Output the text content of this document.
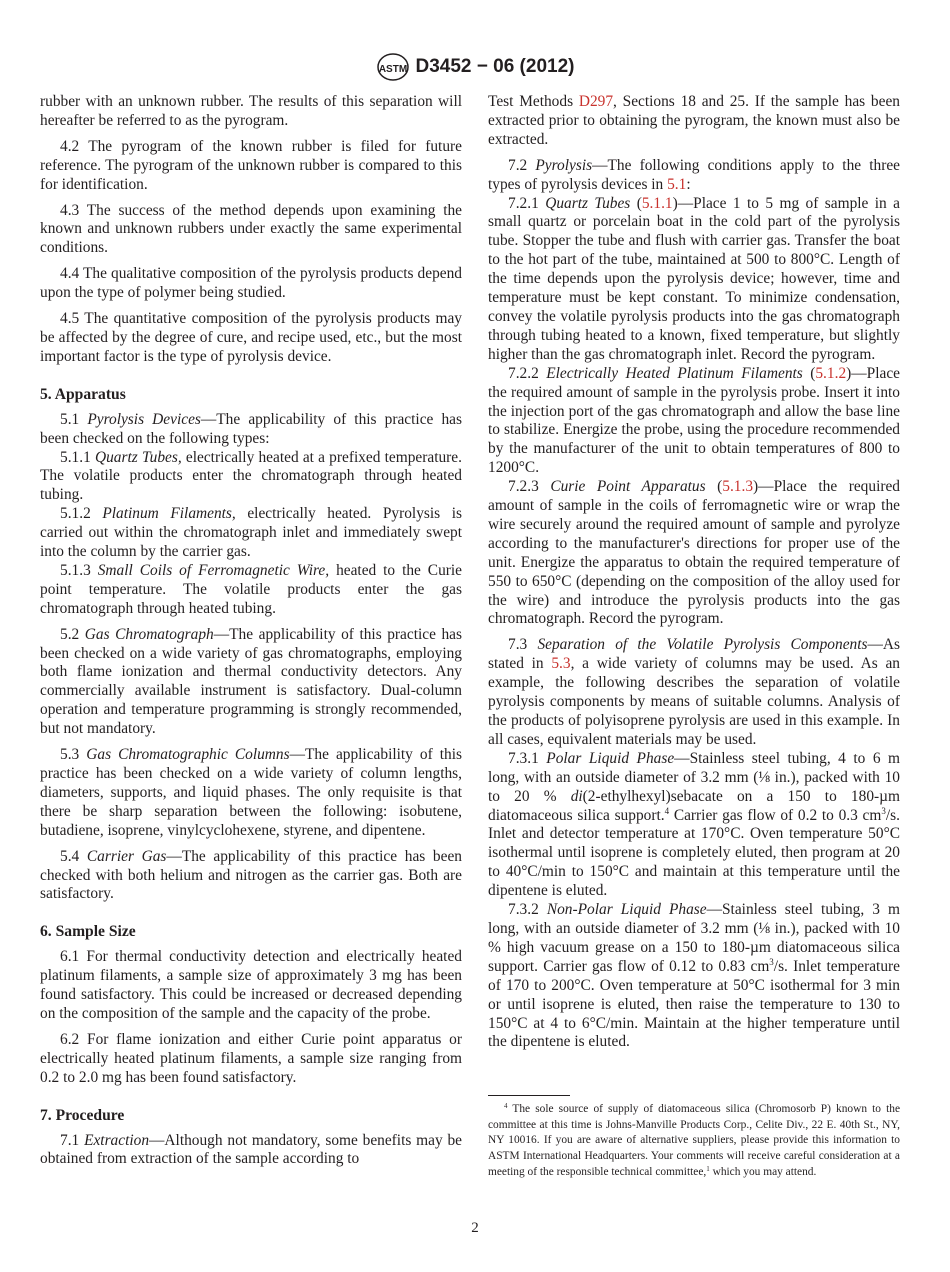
ASTM D3452 − 06 (2012)
rubber with an unknown rubber. The results of this separation will hereafter be referred to as the pyrogram.
4.2 The pyrogram of the known rubber is filed for future reference. The pyrogram of the unknown rubber is compared to this for identification.
4.3 The success of the method depends upon examining the known and unknown rubbers under exactly the same experimental conditions.
4.4 The qualitative composition of the pyrolysis products depend upon the type of polymer being studied.
4.5 The quantitative composition of the pyrolysis products may be affected by the degree of cure, and recipe used, etc., but the most important factor is the type of pyrolysis device.
5. Apparatus
5.1 Pyrolysis Devices—The applicability of this practice has been checked on the following types:
5.1.1 Quartz Tubes, electrically heated at a prefixed temperature. The volatile products enter the chromatograph through heated tubing.
5.1.2 Platinum Filaments, electrically heated. Pyrolysis is carried out within the chromatograph inlet and immediately swept into the column by the carrier gas.
5.1.3 Small Coils of Ferromagnetic Wire, heated to the Curie point temperature. The volatile products enter the gas chromatograph through heated tubing.
5.2 Gas Chromatograph—The applicability of this practice has been checked on a wide variety of gas chromatographs, employing both flame ionization and thermal conductivity detectors. Any commercially available instrument is satisfactory. Dual-column operation and temperature programming is strongly recommended, but not mandatory.
5.3 Gas Chromatographic Columns—The applicability of this practice has been checked on a wide variety of column lengths, diameters, supports, and liquid phases. The only requisite is that there be sharp separation between the following: isobutene, butadiene, isoprene, vinylcyclohexene, styrene, and dipentene.
5.4 Carrier Gas—The applicability of this practice has been checked with both helium and nitrogen as the carrier gas. Both are satisfactory.
6. Sample Size
6.1 For thermal conductivity detection and electrically heated platinum filaments, a sample size of approximately 3 mg has been found satisfactory. This could be increased or decreased depending on the composition of the sample and the capacity of the probe.
6.2 For flame ionization and either Curie point apparatus or electrically heated platinum filaments, a sample size ranging from 0.2 to 2.0 mg has been found satisfactory.
7. Procedure
7.1 Extraction—Although not mandatory, some benefits may be obtained from extraction of the sample according to
Test Methods D297, Sections 18 and 25. If the sample has been extracted prior to obtaining the pyrogram, the known must also be extracted.
7.2 Pyrolysis—The following conditions apply to the three types of pyrolysis devices in 5.1:
7.2.1 Quartz Tubes (5.1.1)—Place 1 to 5 mg of sample in a small quartz or porcelain boat in the cold part of the pyrolysis tube. Stopper the tube and flush with carrier gas. Transfer the boat to the hot part of the tube, maintained at 500 to 800°C. Length of the time depends upon the pyrolysis device; however, time and temperature must be kept constant. To minimize condensation, convey the volatile pyrolysis products into the gas chromatograph through tubing heated to a known, fixed temperature, but slightly higher than the gas chromatograph inlet. Record the pyrogram.
7.2.2 Electrically Heated Platinum Filaments (5.1.2)—Place the required amount of sample in the pyrolysis probe. Insert it into the injection port of the gas chromatograph and allow the base line to stabilize. Energize the probe, using the procedure recommended by the manufacturer of the unit to obtain temperatures of 800 to 1200°C.
7.2.3 Curie Point Apparatus (5.1.3)—Place the required amount of sample in the coils of ferromagnetic wire or wrap the wire securely around the required amount of sample and pyrolyze according to the manufacturer's directions for proper use of the unit. Energize the apparatus to obtain the required temperature of 550 to 650°C (depending on the composition of the alloy used for the wire) and introduce the pyrolysis products into the gas chromatograph. Record the pyrogram.
7.3 Separation of the Volatile Pyrolysis Components—As stated in 5.3, a wide variety of columns may be used. As an example, the following describes the separation of volatile pyrolysis components by means of suitable columns. Analysis of the products of polyisoprene pyrolysis are used in this example. In all cases, equivalent materials may be used.
7.3.1 Polar Liquid Phase—Stainless steel tubing, 4 to 6 m long, with an outside diameter of 3.2 mm (⅛ in.), packed with 10 to 20 % di(2-ethylhexyl)sebacate on a 150 to 180-µm diatomaceous silica support.$^4$ Carrier gas flow of 0.2 to 0.3 $cm^3/s$. Inlet and detector temperature at 170°C. Oven temperature 50°C isothermal until isoprene is completely eluted, then program at 20 to 40°C/min to 150°C and maintain at this temperature until the dipentene is eluted.
7.3.2 Non-Polar Liquid Phase—Stainless steel tubing, 3 m long, with an outside diameter of 3.2 mm (⅛ in.), packed with 10 % high vacuum grease on a 150 to 180-µm diatomaceous silica support. Carrier gas flow of 0.12 to 0.83 $cm^3/s$. Inlet temperature of 170 to 200°C. Oven temperature at 50°C isothermal for 3 min or until isoprene is eluted, then raise the temperature to 130 to 150°C at 4 to 6°C/min. Maintain at the higher temperature until the dipentene is eluted.
$^4$ The sole source of supply of diatomaceous silica (Chromosorb P) known to the committee at this time is Johns-Manville Products Corp., Celite Div., 22 E. 40th St., NY, NY 10016. If you are aware of alternative suppliers, please provide this information to ASTM International Headquarters. Your comments will receive careful consideration at a meeting of the responsible technical committee,$^1$ which you may attend.
2
